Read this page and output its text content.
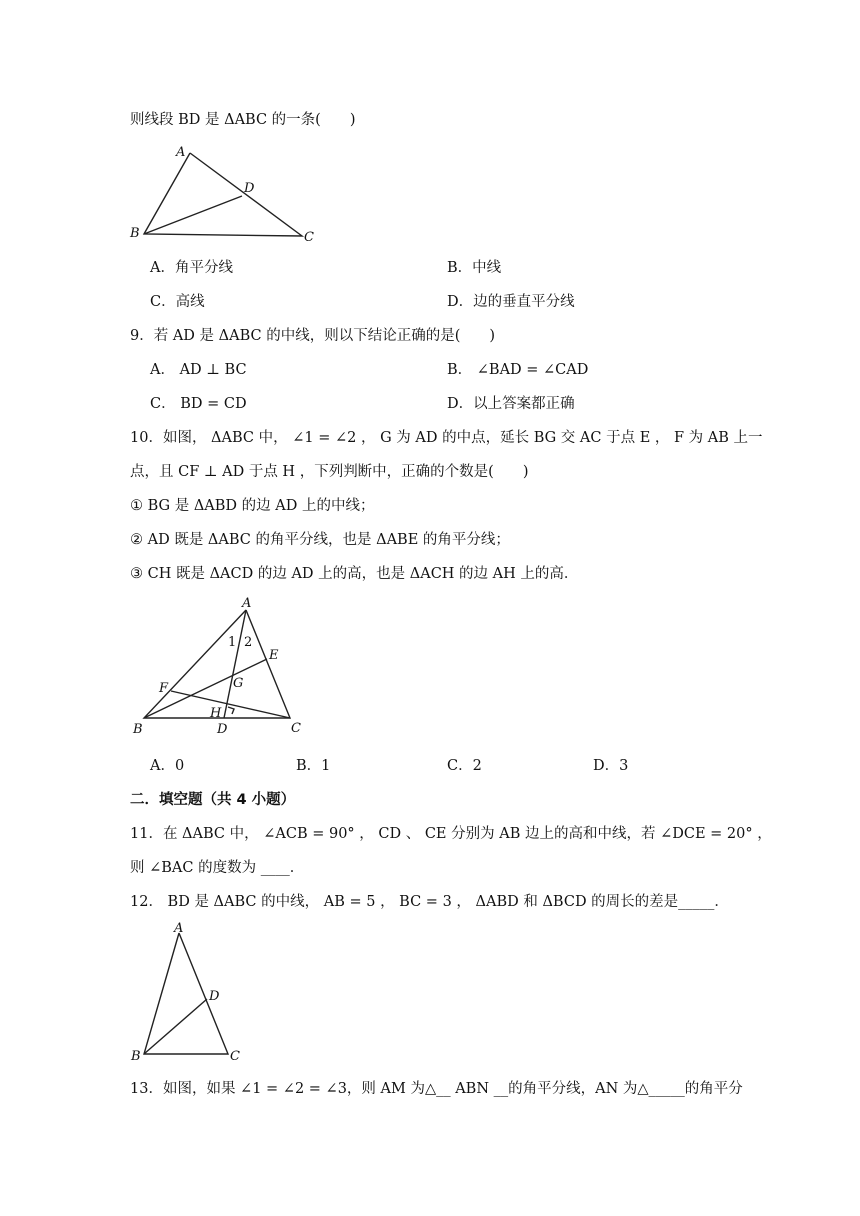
则线段 BD 是 ΔABC 的一条(　　)
A
B	C
D
A．角平分线	B．中线
C．高线	D．边的垂直平分线
9．若 AD 是 ΔABC 的中线，则以下结论正确的是(　　)
A． AD ⊥ BC	B． ∠BAD = ∠CAD
C． BD = CD	D．以上答案都正确
10．如图， ΔABC 中， ∠1 = ∠2 ， G 为 AD 的中点，延长 BG 交 AC 于点 E ， F 为 AB 上一
点，且 CF ⊥ AD 于点 H ，下列判断中，正确的个数是(　　)
① BG 是 ΔABD 的边 AD 上的中线；
② AD 既是 ΔABC 的角平分线，也是 ΔABE 的角平分线；
③ CH 既是 ΔACD 的边 AD 上的高，也是 ΔACH 的边 AH 上的高．
A
B	C
D
E
F	G
H
1 2
A．0	B．1	C．2	D．3
二．填空题（共 4 小题）
11．在 ΔABC 中， ∠ACB = 90° ， CD 、 CE 分别为 AB 边上的高和中线，若 ∠DCE = 20° ，
则 ∠BAC 的度数为 ____．
12． BD 是 ΔABC 的中线， AB = 5 ， BC = 3 ， ΔABD 和 ΔBCD 的周长的差是_____．
A
B	C
D
13．如图，如果 ∠1 = ∠2 = ∠3，则 AM 为△__ ABN __的角平分线，AN 为△_____的角平分
